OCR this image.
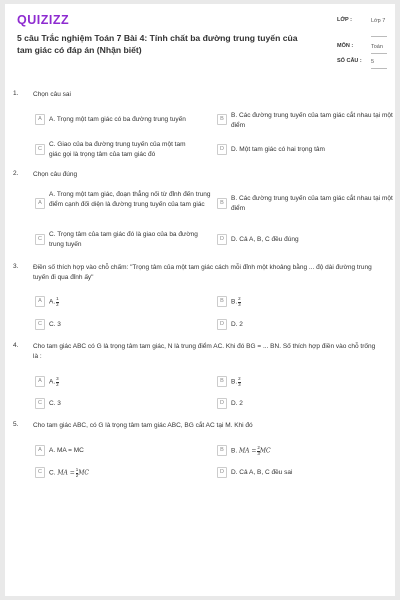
QUIZIZZ
5 câu Trắc nghiệm Toán 7 Bài 4: Tính chất ba đường trung tuyến của tam giác có đáp án (Nhận biết)
LỚP :	Lớp 7
MÔN :	Toán
SỐ CÂU : 5
1. Chọn câu sai
A	A. Trọng một tam giác có ba đường trung tuyến	B	B. Các đường trung tuyến của tam giác cắt nhau tại một điểm
C
C. Giao của ba đường trung tuyến của một tam giác gọi là trọng tâm của tam giác đó
D	D. Một tam giác có hai trọng tâm
2. Chọn câu đúng
A
A. Trong một tam giác, đoạn thẳng nối từ đỉnh đến trung điểm cạnh đối diện là đường trung tuyến của tam giác	B
B. Các đường trung tuyến của tam giác cắt nhau tại một điểm
C
C. Trọng tâm của tam giác đó là giao của ba đường trung tuyến
D	D. Cả A, B, C đều đúng
3. Điền số thích hợp vào chỗ chấm: "Trọng tâm của một tam giác cách mỗi đỉnh một khoảng bằng ... độ dài đường trung tuyến đi qua đỉnh ấy"
A	A. $\frac{1}{2}$	B	B. $\frac{2}{3}$
C	C. 3	D	D. 2
4. Cho tam giác ABC có G là trọng tâm tam giác, N là trung điểm AC. Khi đó BG = ... BN. Số thích hợp điền vào chỗ trống là :
A	A. $\frac{3}{2}$	B	B. $\frac{2}{3}$
C	C. 3	D	D. 2
5. Cho tam giác ABC, có G là trọng tâm tam giác ABC, BG cắt AC tại M. Khi đó
A	A. MA = MC	B	B. MA = $\frac{2}{3}$ MC
C	C. MA = $\frac{1}{2}$ MC	D	D. Cả A, B, C đều sai
